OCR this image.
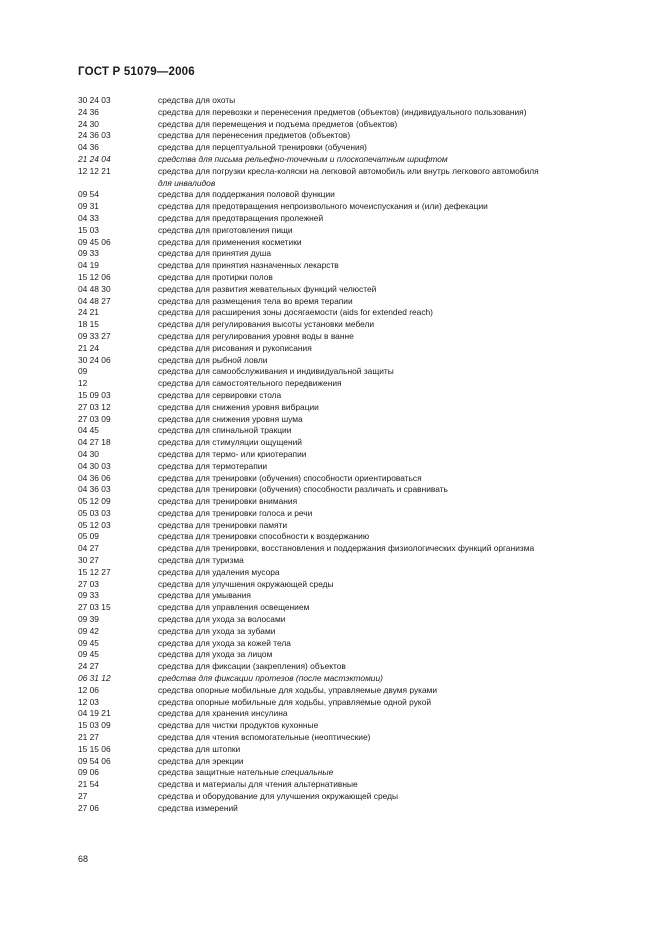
ГОСТ Р 51079—2006
30 24 03	средства для охоты
24 36	средства для перевозки и перенесения предметов (объектов) (индивидуального пользования)
24 30	средства для перемещения и подъема предметов (объектов)
24 36 03	средства для перенесения предметов (объектов)
04 36	средства для перцептуальной тренировки (обучения)
21 24 04	средства для письма рельефно-точечным и плоскопечатным шрифтом
12 12 21	средства для погрузки кресла-коляски на легковой автомобиль или внутрь легкового автомобиля
для инвалидов
09 54	средства для поддержания половой функции
09 31	средства для предотвращения непроизвольного мочеиспускания и (или) дефекации
04 33	средства для предотвращения пролежней
15 03	средства для приготовления пищи
09 45 06	средства для применения косметики
09 33	средства для принятия душа
04 19	средства для принятия назначенных лекарств
15 12 06	средства для протирки полов
04 48 30	средства для развития жевательных функций челюстей
04 48 27	средства для размещения тела во время терапии
24 21	средства для расширения зоны досягаемости (aids for extended reach)
18 15	средства для регулирования высоты установки мебели
09 33 27	средства для регулирования уровня воды в ванне
21 24	средства для рисования и рукописания
30 24 06	средства для рыбной ловли
09	средства для самообслуживания и индивидуальной защиты
12	средства для самостоятельного передвижения
15 09 03	средства для сервировки стола
27 03 12	средства для снижения уровня вибрации
27 03 09	средства для снижения уровня шума
04 45	средства для спинальной тракции
04 27 18	средства для стимуляции ощущений
04 30	средства для термо- или криотерапии
04 30 03	средства для термотерапии
04 36 06	средства для тренировки (обучения) способности ориентироваться
04 36 03	средства для тренировки (обучения) способности различать и сравнивать
05 12 09	средства для тренировки внимания
05 03 03	средства для тренировки голоса и речи
05 12 03	средства для тренировки памяти
05 09	средства для тренировки способности к воздержанию
04 27	средства для тренировки, восстановления и поддержания физиологических функций организма
30 27	средства для туризма
15 12 27	средства для удаления мусора
27 03	средства для улучшения окружающей среды
09 33	средства для умывания
27 03 15	средства для управления освещением
09 39	средства для ухода за волосами
09 42	средства для ухода за зубами
09 45	средства для ухода за кожей тела
09 45	средства для ухода за лицом
24 27	средства для фиксации (закрепления) объектов
06 31 12	средства для фиксации протезов (после мастэктомии)
12 06	средства опорные мобильные для ходьбы, управляемые двумя руками
12 03	средства опорные мобильные для ходьбы, управляемые одной рукой
04 19 21	средства для хранения инсулина
15 03 09	средства для чистки продуктов кухонные
21 27	средства для чтения вспомогательные (неоптические)
15 15 06	средства для штопки
09 54 06	средства для эрекции
09 06	средства защитные нательные специальные
21 54	средства и материалы для чтения альтернативные
27	средства и оборудование для улучшения окружающей среды
27 06	средства измерений
68
